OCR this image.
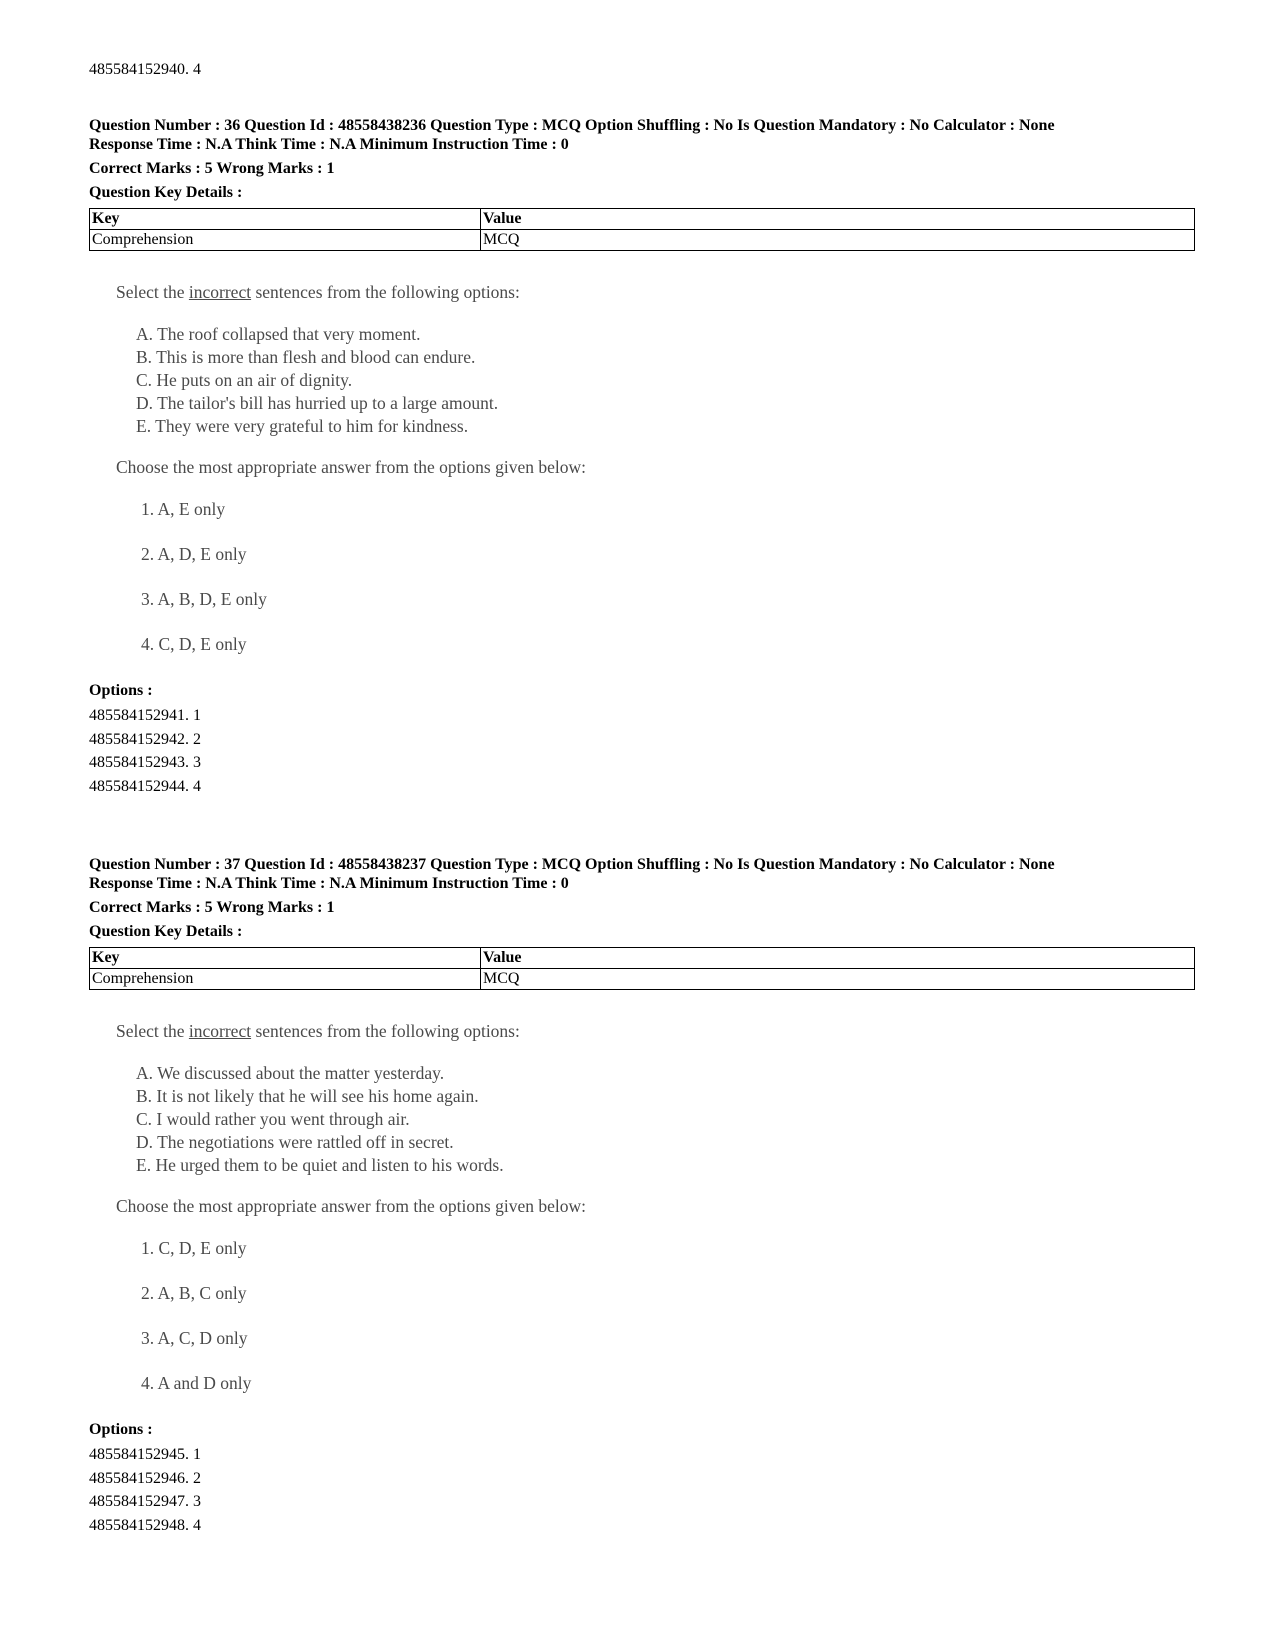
485584152940. 4
Question Number : 36 Question Id : 48558438236 Question Type : MCQ Option Shuffling : No Is Question Mandatory : No Calculator : None
Response Time : N.A Think Time : N.A Minimum Instruction Time : 0
Correct Marks : 5 Wrong Marks : 1
Question Key Details :
Key	Value
Comprehension	MCQ

Select the incorrect sentences from the following options:

A. The roof collapsed that very moment.
B. This is more than flesh and blood can endure.
C. He puts on an air of dignity.
D. The tailor's bill has hurried up to a large amount.
E. They were very grateful to him for kindness.

Choose the most appropriate answer from the options given below:

1. A, E only
2. A, D, E only
3. A, B, D, E only
4. C, D, E only
Options :
485584152941. 1
485584152942. 2
485584152943. 3
485584152944. 4
Question Number : 37 Question Id : 48558438237 Question Type : MCQ Option Shuffling : No Is Question Mandatory : No Calculator : None
Response Time : N.A Think Time : N.A Minimum Instruction Time : 0
Correct Marks : 5 Wrong Marks : 1
Question Key Details :
Key	Value
Comprehension	MCQ

Select the incorrect sentences from the following options:

A. We discussed about the matter yesterday.
B. It is not likely that he will see his home again.
C. I would rather you went through air.
D. The negotiations were rattled off in secret.
E. He urged them to be quiet and listen to his words.

Choose the most appropriate answer from the options given below:

1. C, D, E only
2. A, B, C only
3. A, C, D only
4. A and D only
Options :
485584152945. 1
485584152946. 2
485584152947. 3
485584152948. 4
